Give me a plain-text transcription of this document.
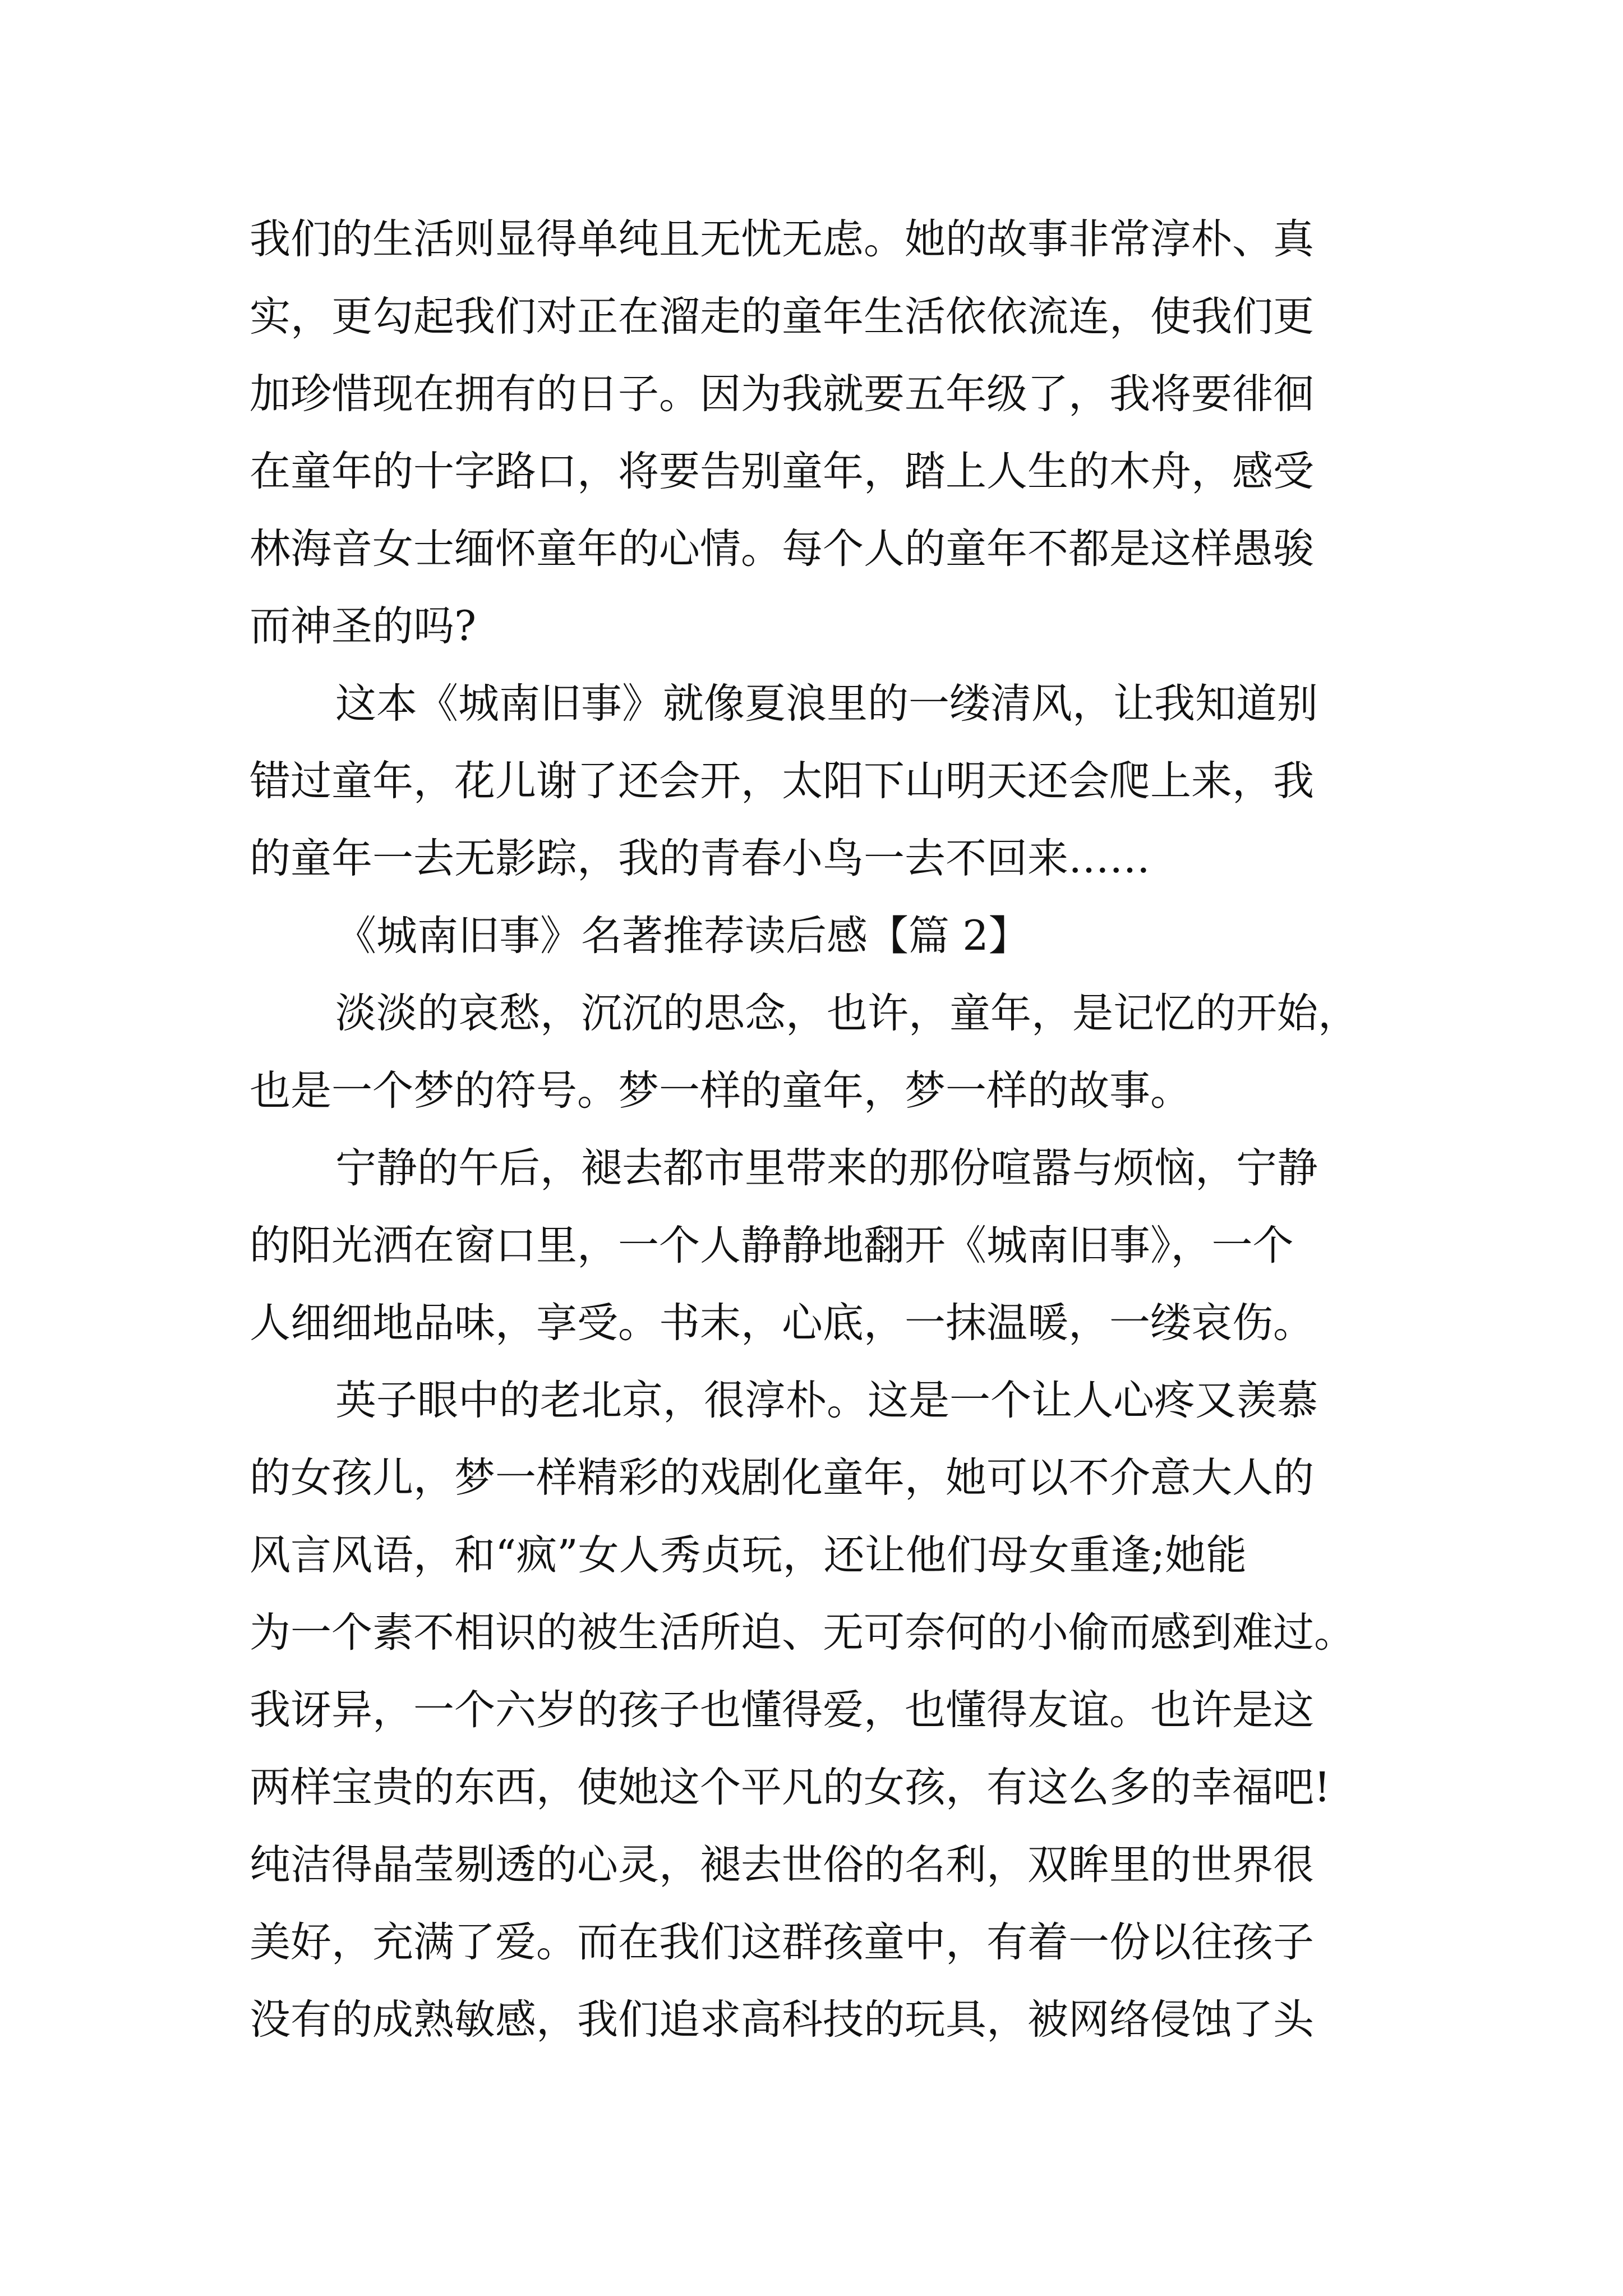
我们的生活则显得单纯且无忧无虑。她的故事非常淳朴、真
实，更勾起我们对正在溜走的童年生活依依流连，使我们更
加珍惜现在拥有的日子。因为我就要五年级了，我将要徘徊
在童年的十字路口，将要告别童年，踏上人生的木舟，感受
林海音女士缅怀童年的心情。每个人的童年不都是这样愚骏
而神圣的吗?
这本《城南旧事》就像夏浪里的一缕清风，让我知道别
错过童年，花儿谢了还会开，太阳下山明天还会爬上来，我
的童年一去无影踪，我的青春小鸟一去不回来……
《城南旧事》名著推荐读后感【篇 2】
淡淡的哀愁，沉沉的思念，也许，童年，是记忆的开始，
也是一个梦的符号。梦一样的童年，梦一样的故事。
宁静的午后，褪去都市里带来的那份喧嚣与烦恼，宁静
的阳光洒在窗口里，一个人静静地翻开《城南旧事》，一个
人细细地品味，享受。书末，心底，一抹温暖，一缕哀伤。
英子眼中的老北京，很淳朴。这是一个让人心疼又羡慕
的女孩儿，梦一样精彩的戏剧化童年，她可以不介意大人的
风言风语，和“疯”女人秀贞玩，还让他们母女重逢;她能
为一个素不相识的被生活所迫、无可奈何的小偷而感到难过。
我讶异，一个六岁的孩子也懂得爱，也懂得友谊。也许是这
两样宝贵的东西，使她这个平凡的女孩，有这么多的幸福吧!
纯洁得晶莹剔透的心灵，褪去世俗的名利，双眸里的世界很
美好，充满了爱。而在我们这群孩童中，有着一份以往孩子
没有的成熟敏感，我们追求高科技的玩具，被网络侵蚀了头
